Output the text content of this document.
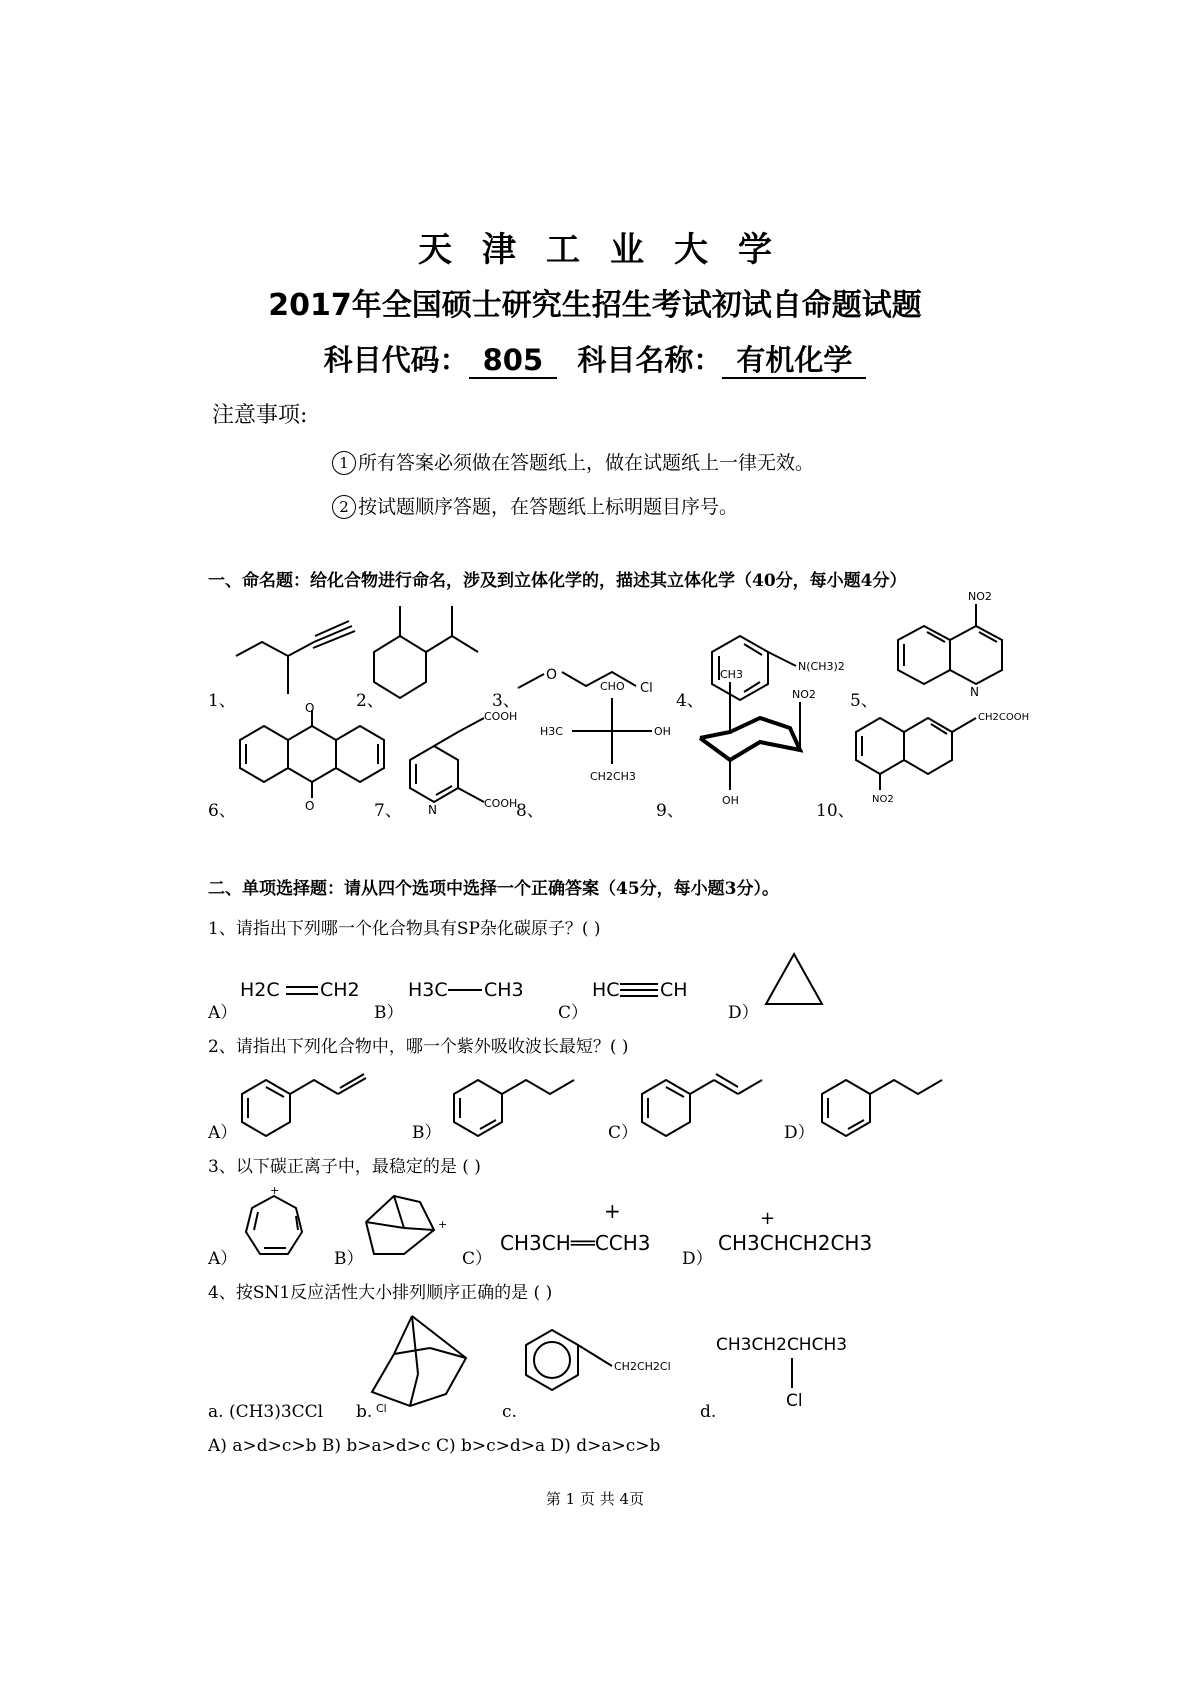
天津工业大学
2017年全国硕士研究生招生考试初试自命题试题
科目代码： 805 科目名称： 有机化学
注意事项:
1 所有答案必须做在答题纸上，做在试题纸上一律无效。
2 按试题顺序答题，在答题纸上标明题目序号。
一、命名题：给化合物进行命名，涉及到立体化学的，描述其立体化学（40分，每小题4分）
O
Cl
N(CH3)2
NO2
N
O
O
COOH
COOH
N
CHO
H3C	OH
CH2CH3
CH3
NO2
OH
CH2COOH
NO2
1、	2、	3、	4、	5、
6、	7、	8、	9、	10、
二、单项选择题：请从四个选项中选择一个正确答案（45分，每小题3分）。
1、请指出下列哪一个化合物具有SP杂化碳原子？( )
A）	B）	C）	D）
H2C CH2	H3C CH3	HC CH
2、请指出下列化合物中，哪一个紫外吸收波长最短？( )
A）	B）	C）	D）
3、以下碳正离子中，最稳定的是 ( )
A）	B）	C）	D）
+
+
CH3CH══CCH3
+
CH3CHCH2CH3
+
4、按SN1反应活性大小排列顺序正确的是 ( )
a. (CH3)3CCl b.	c.	d.
Cl
CH2CH2Cl
CH3CH2CHCH3
Cl
A) a>d>c>b B) b>a>d>c C) b>c>d>a D) d>a>c>b
第 1 页 共 4页
